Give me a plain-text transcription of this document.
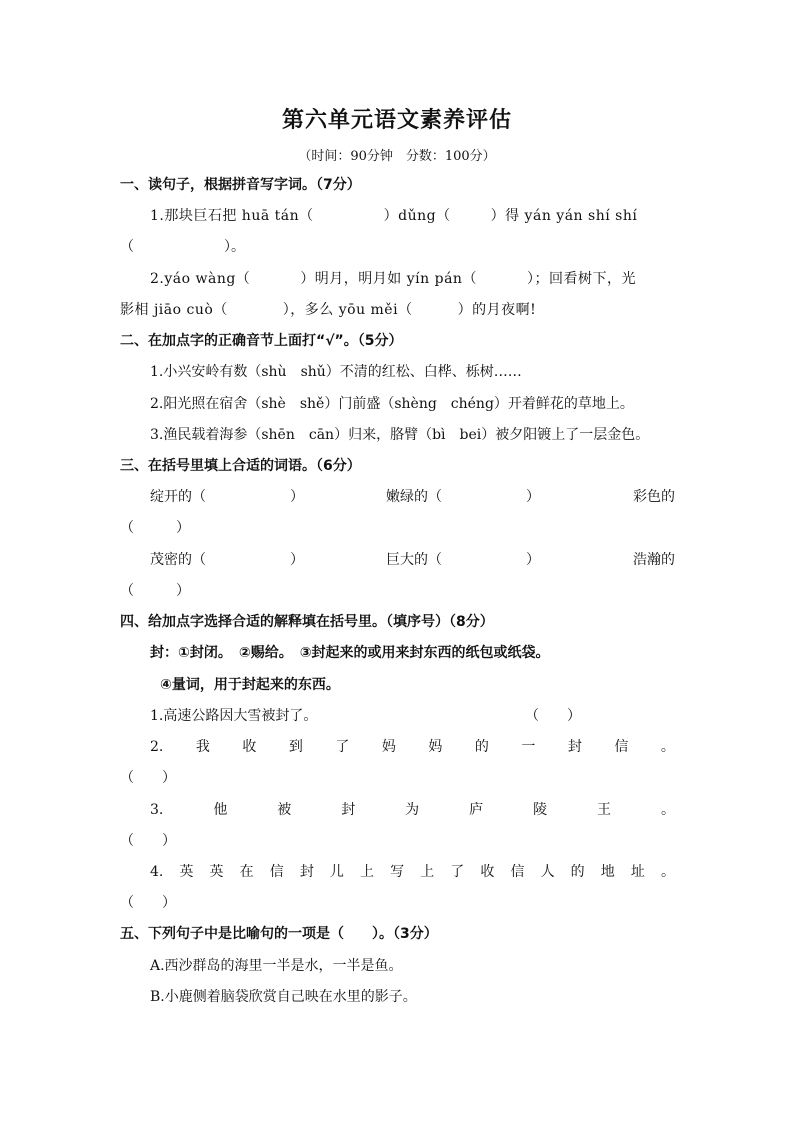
第六单元语文素养评估
（时间：90分钟　分数：100分）
一、读句子，根据拼音写字词。（7分）
1.那块巨石把 huā tán（	）dǔng（	）得 yán yán shí shí
（	）。
2.yáo wàng（	）明月，明月如 yín pán（	）；回看树下，光
影相 jiāo cuò（	），多么 yōu měi（	）的月夜啊!
二、在加点字的正确音节上面打“√”。（5分）
1.小兴安岭有数（shù　shǔ）不清的红松、白桦、栎树……
2.阳光照在宿舍（shè　shě）门前盛（shèng　chéng）开着鲜花的草地上。
3.渔民载着海参（shēn　cān）归来，胳臂（bì　bei）被夕阳镀上了一层金色。
三、在括号里填上合适的词语。（6分）
绽开的（	）	嫩绿的（	）	彩色的
（　　　）
茂密的（	）	巨大的（	）	浩瀚的
（　　　）
四、给加点字选择合适的解释填在括号里。（填序号）（8分）
封：①封闭。　②赐给。　③封起来的或用来封东西的纸包或纸袋。
④量词，用于封起来的东西。
1.高速公路因大雪被封了。	（　　）
2. 我 收 到 了 妈 妈 的 一 封 信 。
（　　）
3.	他	被	封	为	庐	陵	王	。
（　　）
4. 英 英 在 信 封 儿 上 写 上 了 收 信 人 的 地 址 。
（　　）
五、下列句子中是比喻句的一项是（　　）。（3分）
A.西沙群岛的海里一半是水，一半是鱼。
B.小鹿侧着脑袋欣赏自己映在水里的影子。
